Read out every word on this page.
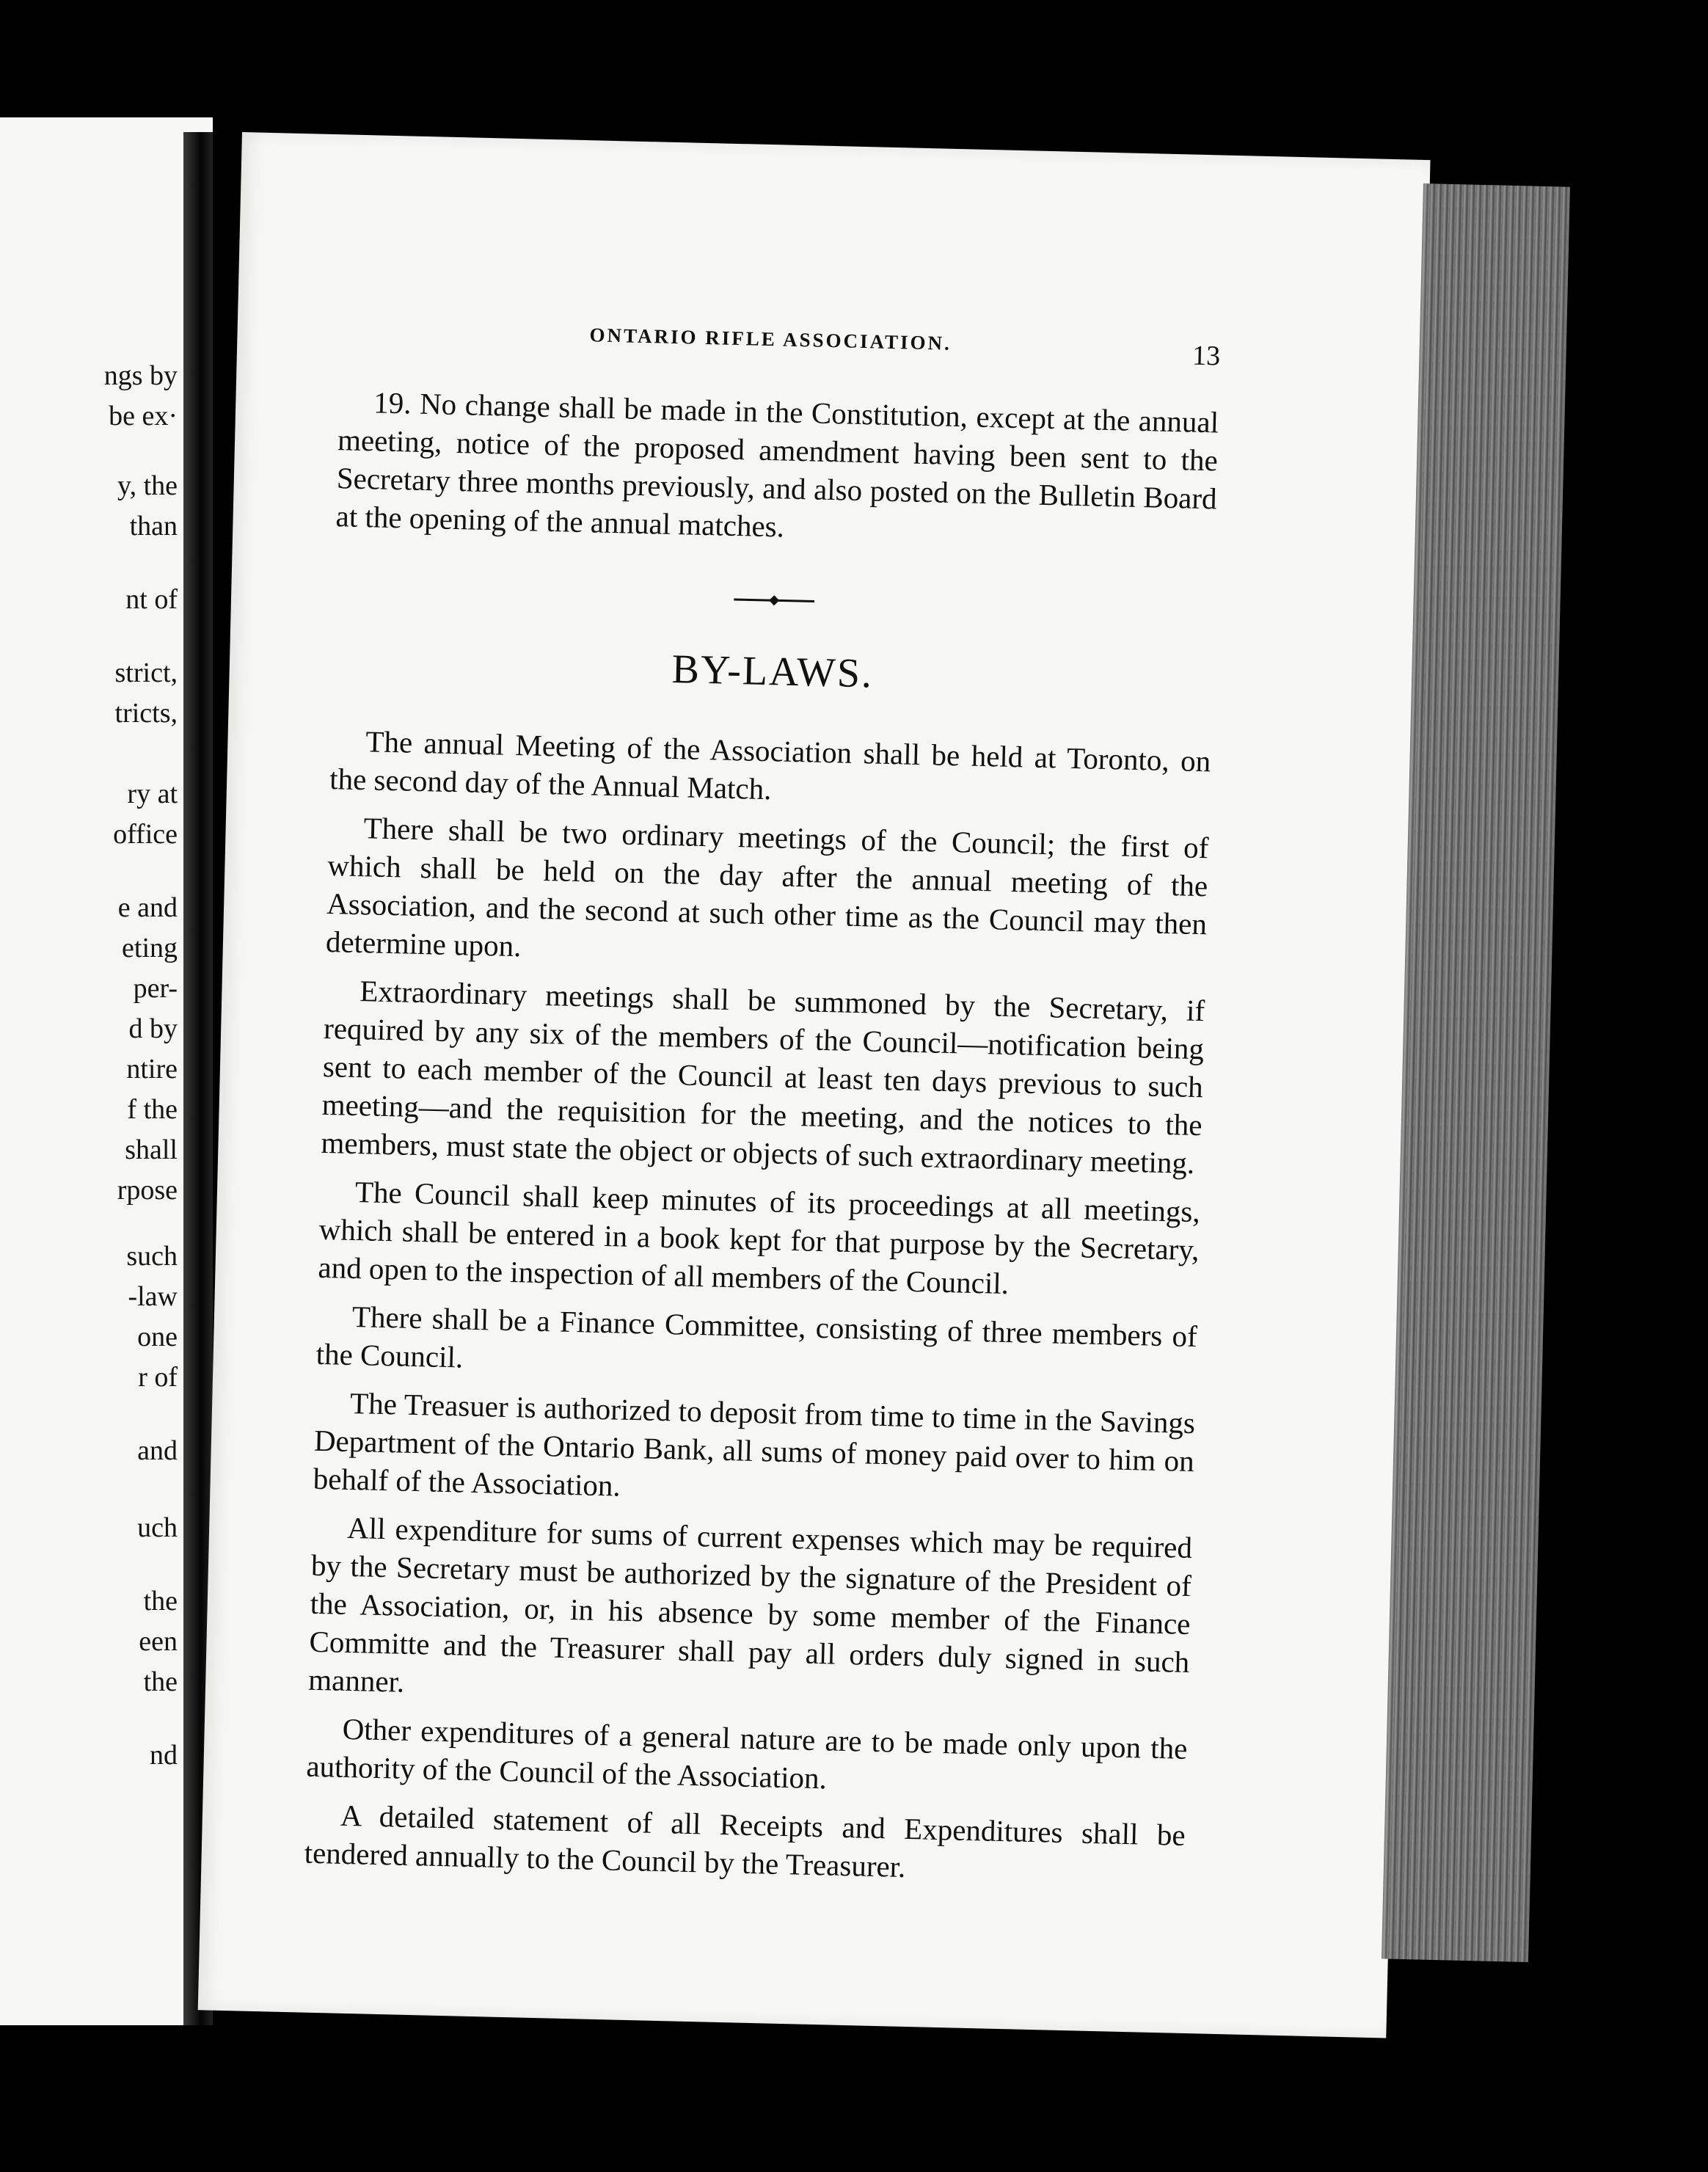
ngs by
be ex·
y, the
than
nt of
strict,
tricts,
ry at
office
e and
eting
per-
d by
ntire
f the
shall
rpose
such
-law
one
r of
and
uch
the
een
the
nd
ONTARIO RIFLE ASSOCIATION.
13

19. No change shall be made in the Constitution, except at the annual meeting, notice of the proposed amendment having been sent to the Secretary three months previously, and also posted on the Bulletin Board at the opening of the annual matches.

BY-LAWS.

The annual Meeting of the Association shall be held at Toronto, on the second day of the Annual Match.

There shall be two ordinary meetings of the Council; the first of which shall be held on the day after the annual meeting of the Association, and the second at such other time as the Council may then determine upon.

Extraordinary meetings shall be summoned by the Secretary, if required by any six of the members of the Council—notification being sent to each member of the Council at least ten days previous to such meeting—and the requisition for the meeting, and the notices to the members, must state the object or objects of such extraordinary meeting.

The Council shall keep minutes of its proceedings at all meetings, which shall be entered in a book kept for that purpose by the Secretary, and open to the inspection of all members of the Council.

There shall be a Finance Committee, consisting of three members of the Council.

The Treasuer is authorized to deposit from time to time in the Savings Department of the Ontario Bank, all sums of money paid over to him on behalf of the Association.

All expenditure for sums of current expenses which may be required by the Secretary must be authorized by the signature of the President of the Association, or, in his absence by some member of the Finance Committe and the Treasurer shall pay all orders duly signed in such manner.

Other expenditures of a general nature are to be made only upon the authority of the Council of the Association.

A detailed statement of all Receipts and Expenditures shall be tendered annually to the Council by the Treasurer.
